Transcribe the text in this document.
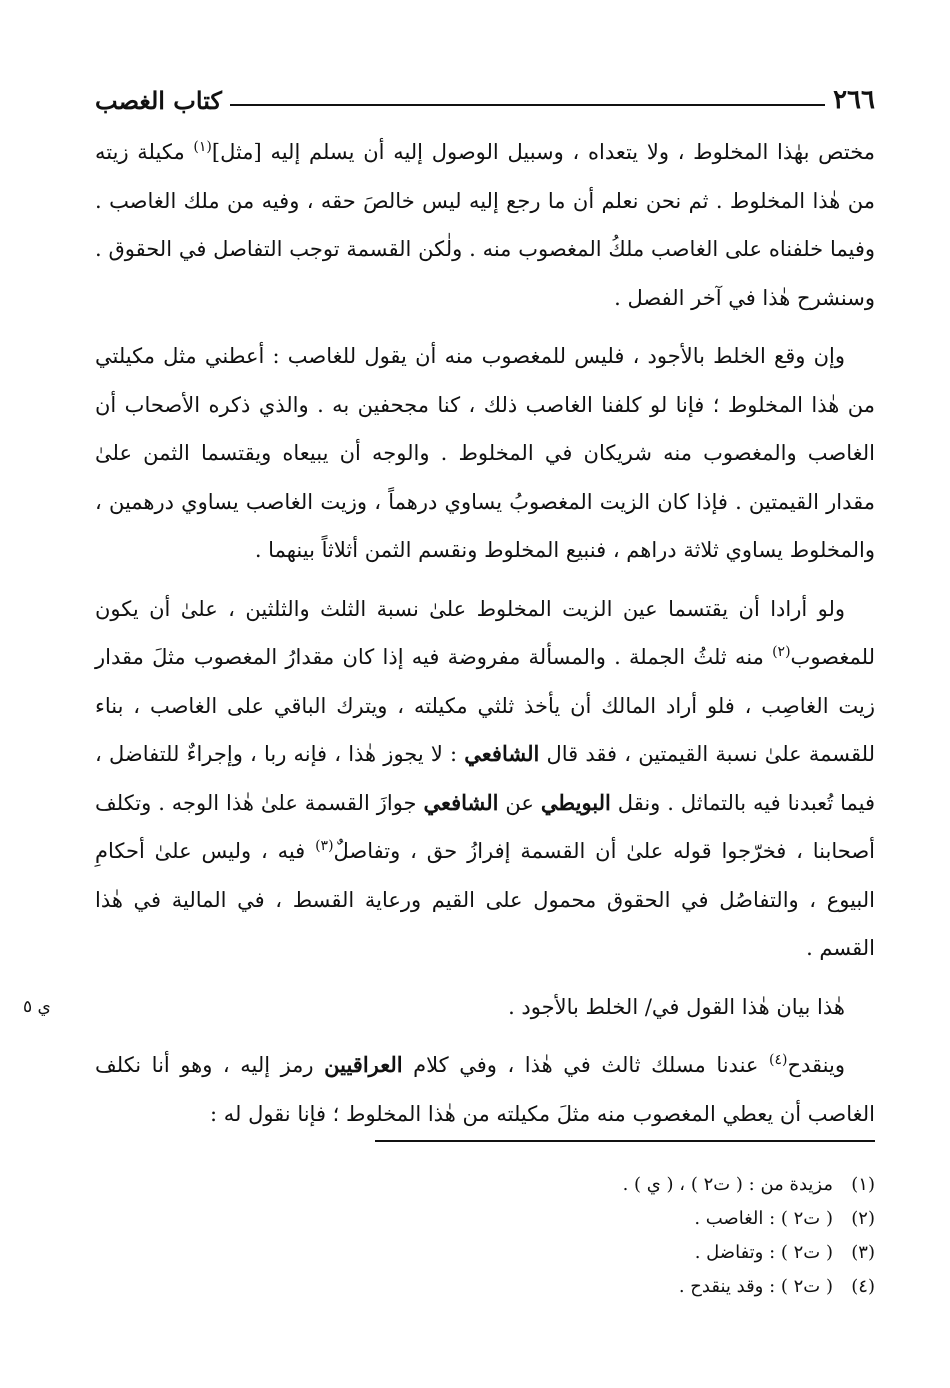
٢٦٦
كتاب الغصب

مختص بهٰذا المخلوط ، ولا يتعداه ، وسبيل الوصول إليه أن يسلم إليه [مثل]$^{(١)}$ مكيلة زيته من هٰذا المخلوط . ثم نحن نعلم أن ما رجع إليه ليس خالصَ حقه ، وفيه من ملك الغاصب . وفيما خلفناه على الغاصب ملكُ المغصوب منه . ولٰكن القسمة توجب التفاصل في الحقوق . وسنشرح هٰذا في آخر الفصل .

وإن وقع الخلط بالأجود ، فليس للمغصوب منه أن يقول للغاصب : أعطني مثل مكيلتي من هٰذا المخلوط ؛ فإنا لو كلفنا الغاصب ذلك ، كنا مجحفين به . والذي ذكره الأصحاب أن الغاصب والمغصوب منه شريكان في المخلوط . والوجه أن يبيعاه ويقتسما الثمن علىٰ مقدار القيمتين . فإذا كان الزيت المغصوبُ يساوي درهماً ، وزيت الغاصب يساوي درهمين ، والمخلوط يساوي ثلاثة دراهم ، فنبيع المخلوط ونقسم الثمن أثلاثاً بينهما .

ولو أرادا أن يقتسما عين الزيت المخلوط علىٰ نسبة الثلث والثلثين ، علىٰ أن يكون للمغصوب$^{(٢)}$ منه ثلثُ الجملة . والمسألة مفروضة فيه إذا كان مقدارُ المغصوب مثلَ مقدار زيت الغاصِب ، فلو أراد المالك أن يأخذ ثلثي مكيلته ، ويترك الباقي على الغاصب ، بناء للقسمة علىٰ نسبة القيمتين ، فقد قال الشافعي : لا يجوز هٰذا ، فإنه ربا ، وإجراءٌ للتفاضل ، فيما تُعبدنا فيه بالتماثل . ونقل البويطي عن الشافعي جوازَ القسمة علىٰ هٰذا الوجه . وتكلف أصحابنا ، فخرّجوا قوله علىٰ أن القسمة إفرازُ حق ، وتفاصلٌ$^{(٣)}$ فيه ، وليس علىٰ أحكامِ البيوع ، والتفاصُل في الحقوق محمول على القيم ورعاية القسط ، في المالية في هٰذا القسم .

ي ٥	هٰذا بيان هٰذا القول في/ الخلط بالأجود .

وينقدح$^{(٤)}$ عندنا مسلك ثالث في هٰذا ، وفي كلام العراقيين رمز إليه ، وهو أنا نكلف الغاصب أن يعطي المغصوب منه مثلَ مكيلته من هٰذا المخلوط ؛ فإنا نقول له :

(١)مزيدة من : ( ت٢ ) ، ( ي ) .
(٢)( ت٢ ) : الغاصب .
(٣)( ت٢ ) : وتفاضل .
(٤)( ت٢ ) : وقد ينقدح .
